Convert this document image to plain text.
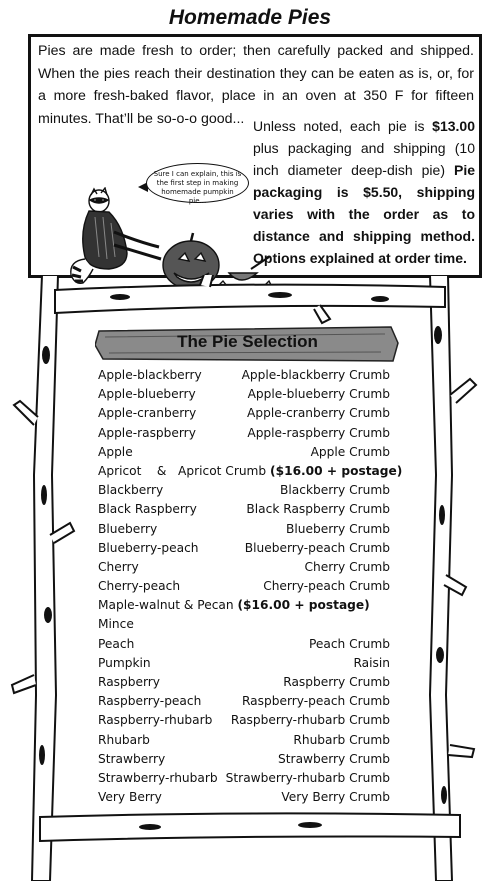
Homemade Pies

Pies are made fresh to order; then carefully packed and shipped. When the pies reach their destination they can be eaten as is, or, for a more fresh-baked flavor, place in an oven at 350 F for fifteen minutes. That’ll be so-o-o good... Unless noted, each pie is $13.00 plus packaging and shipping (10 inch diameter deep-dish pie) Pie packaging is $5.50, shipping varies with the order as to distance and shipping method. Options explained at order time.

Sure I can explain, this is the first step in making homemade pumpkin pie...
The Pie Selection
Apple-blackberry	Apple-blackberry Crumb
Apple-blueberry	Apple-blueberry Crumb
Apple-cranberry	Apple-cranberry Crumb
Apple-raspberry	Apple-raspberry Crumb
Apple	Apple Crumb
Apricot    &   Apricot Crumb ($16.00 + postage)
Blackberry	Blackberry Crumb
Black Raspberry	Black Raspberry Crumb
Blueberry	Blueberry Crumb
Blueberry-peach	Blueberry-peach Crumb
Cherry	Cherry Crumb
Cherry-peach	Cherry-peach Crumb
Maple-walnut & Pecan ($16.00 + postage)
Mince
Peach	Peach Crumb
Pumpkin	Raisin
Raspberry	Raspberry Crumb
Raspberry-peach	Raspberry-peach Crumb
Raspberry-rhubarb Raspberry-rhubarb Crumb
Rhubarb	Rhubarb Crumb
Strawberry	Strawberry Crumb
Strawberry-rhubarb Strawberry-rhubarb Crumb
Very Berry	Very Berry Crumb
